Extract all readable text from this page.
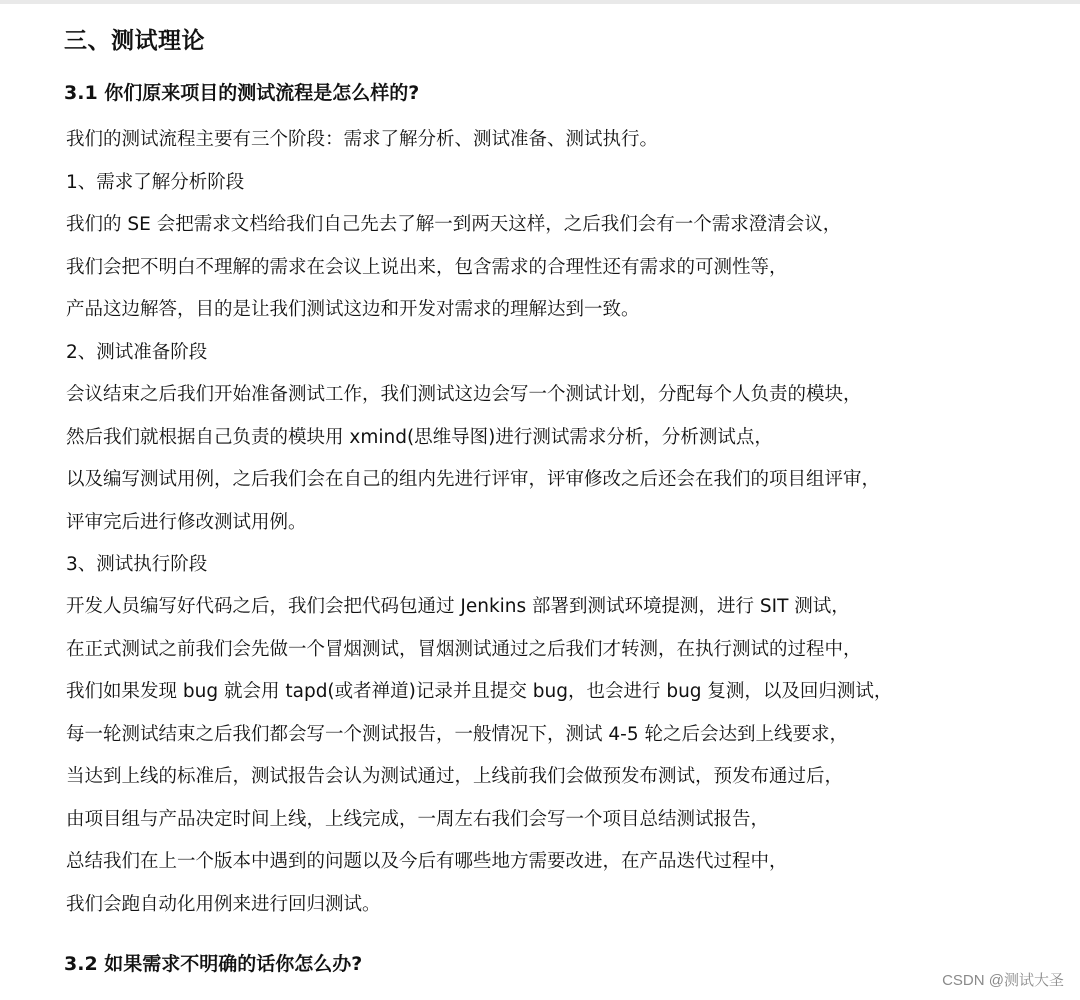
三、测试理论
3.1 你们原来项目的测试流程是怎么样的?
我们的测试流程主要有三个阶段：需求了解分析、测试准备、测试执行。
1、需求了解分析阶段
我们的 SE 会把需求文档给我们自己先去了解一到两天这样，之后我们会有一个需求澄清会议，
我们会把不明白不理解的需求在会议上说出来，包含需求的合理性还有需求的可测性等，
产品这边解答，目的是让我们测试这边和开发对需求的理解达到一致。
2、测试准备阶段
会议结束之后我们开始准备测试工作，我们测试这边会写一个测试计划，分配每个人负责的模块，
然后我们就根据自己负责的模块用 xmind(思维导图)进行测试需求分析，分析测试点，
以及编写测试用例，之后我们会在自己的组内先进行评审，评审修改之后还会在我们的项目组评审，
评审完后进行修改测试用例。
3、测试执行阶段
开发人员编写好代码之后，我们会把代码包通过 Jenkins 部署到测试环境提测，进行 SIT 测试，
在正式测试之前我们会先做一个冒烟测试，冒烟测试通过之后我们才转测，在执行测试的过程中，
我们如果发现 bug 就会用 tapd(或者禅道)记录并且提交 bug，也会进行 bug 复测，以及回归测试，
每一轮测试结束之后我们都会写一个测试报告，一般情况下，测试 4-5 轮之后会达到上线要求，
当达到上线的标准后，测试报告会认为测试通过，上线前我们会做预发布测试，预发布通过后，
由项目组与产品决定时间上线，上线完成，一周左右我们会写一个项目总结测试报告，
总结我们在上一个版本中遇到的问题以及今后有哪些地方需要改进，在产品迭代过程中，
我们会跑自动化用例来进行回归测试。
3.2 如果需求不明确的话你怎么办?
CSDN @测试大圣
